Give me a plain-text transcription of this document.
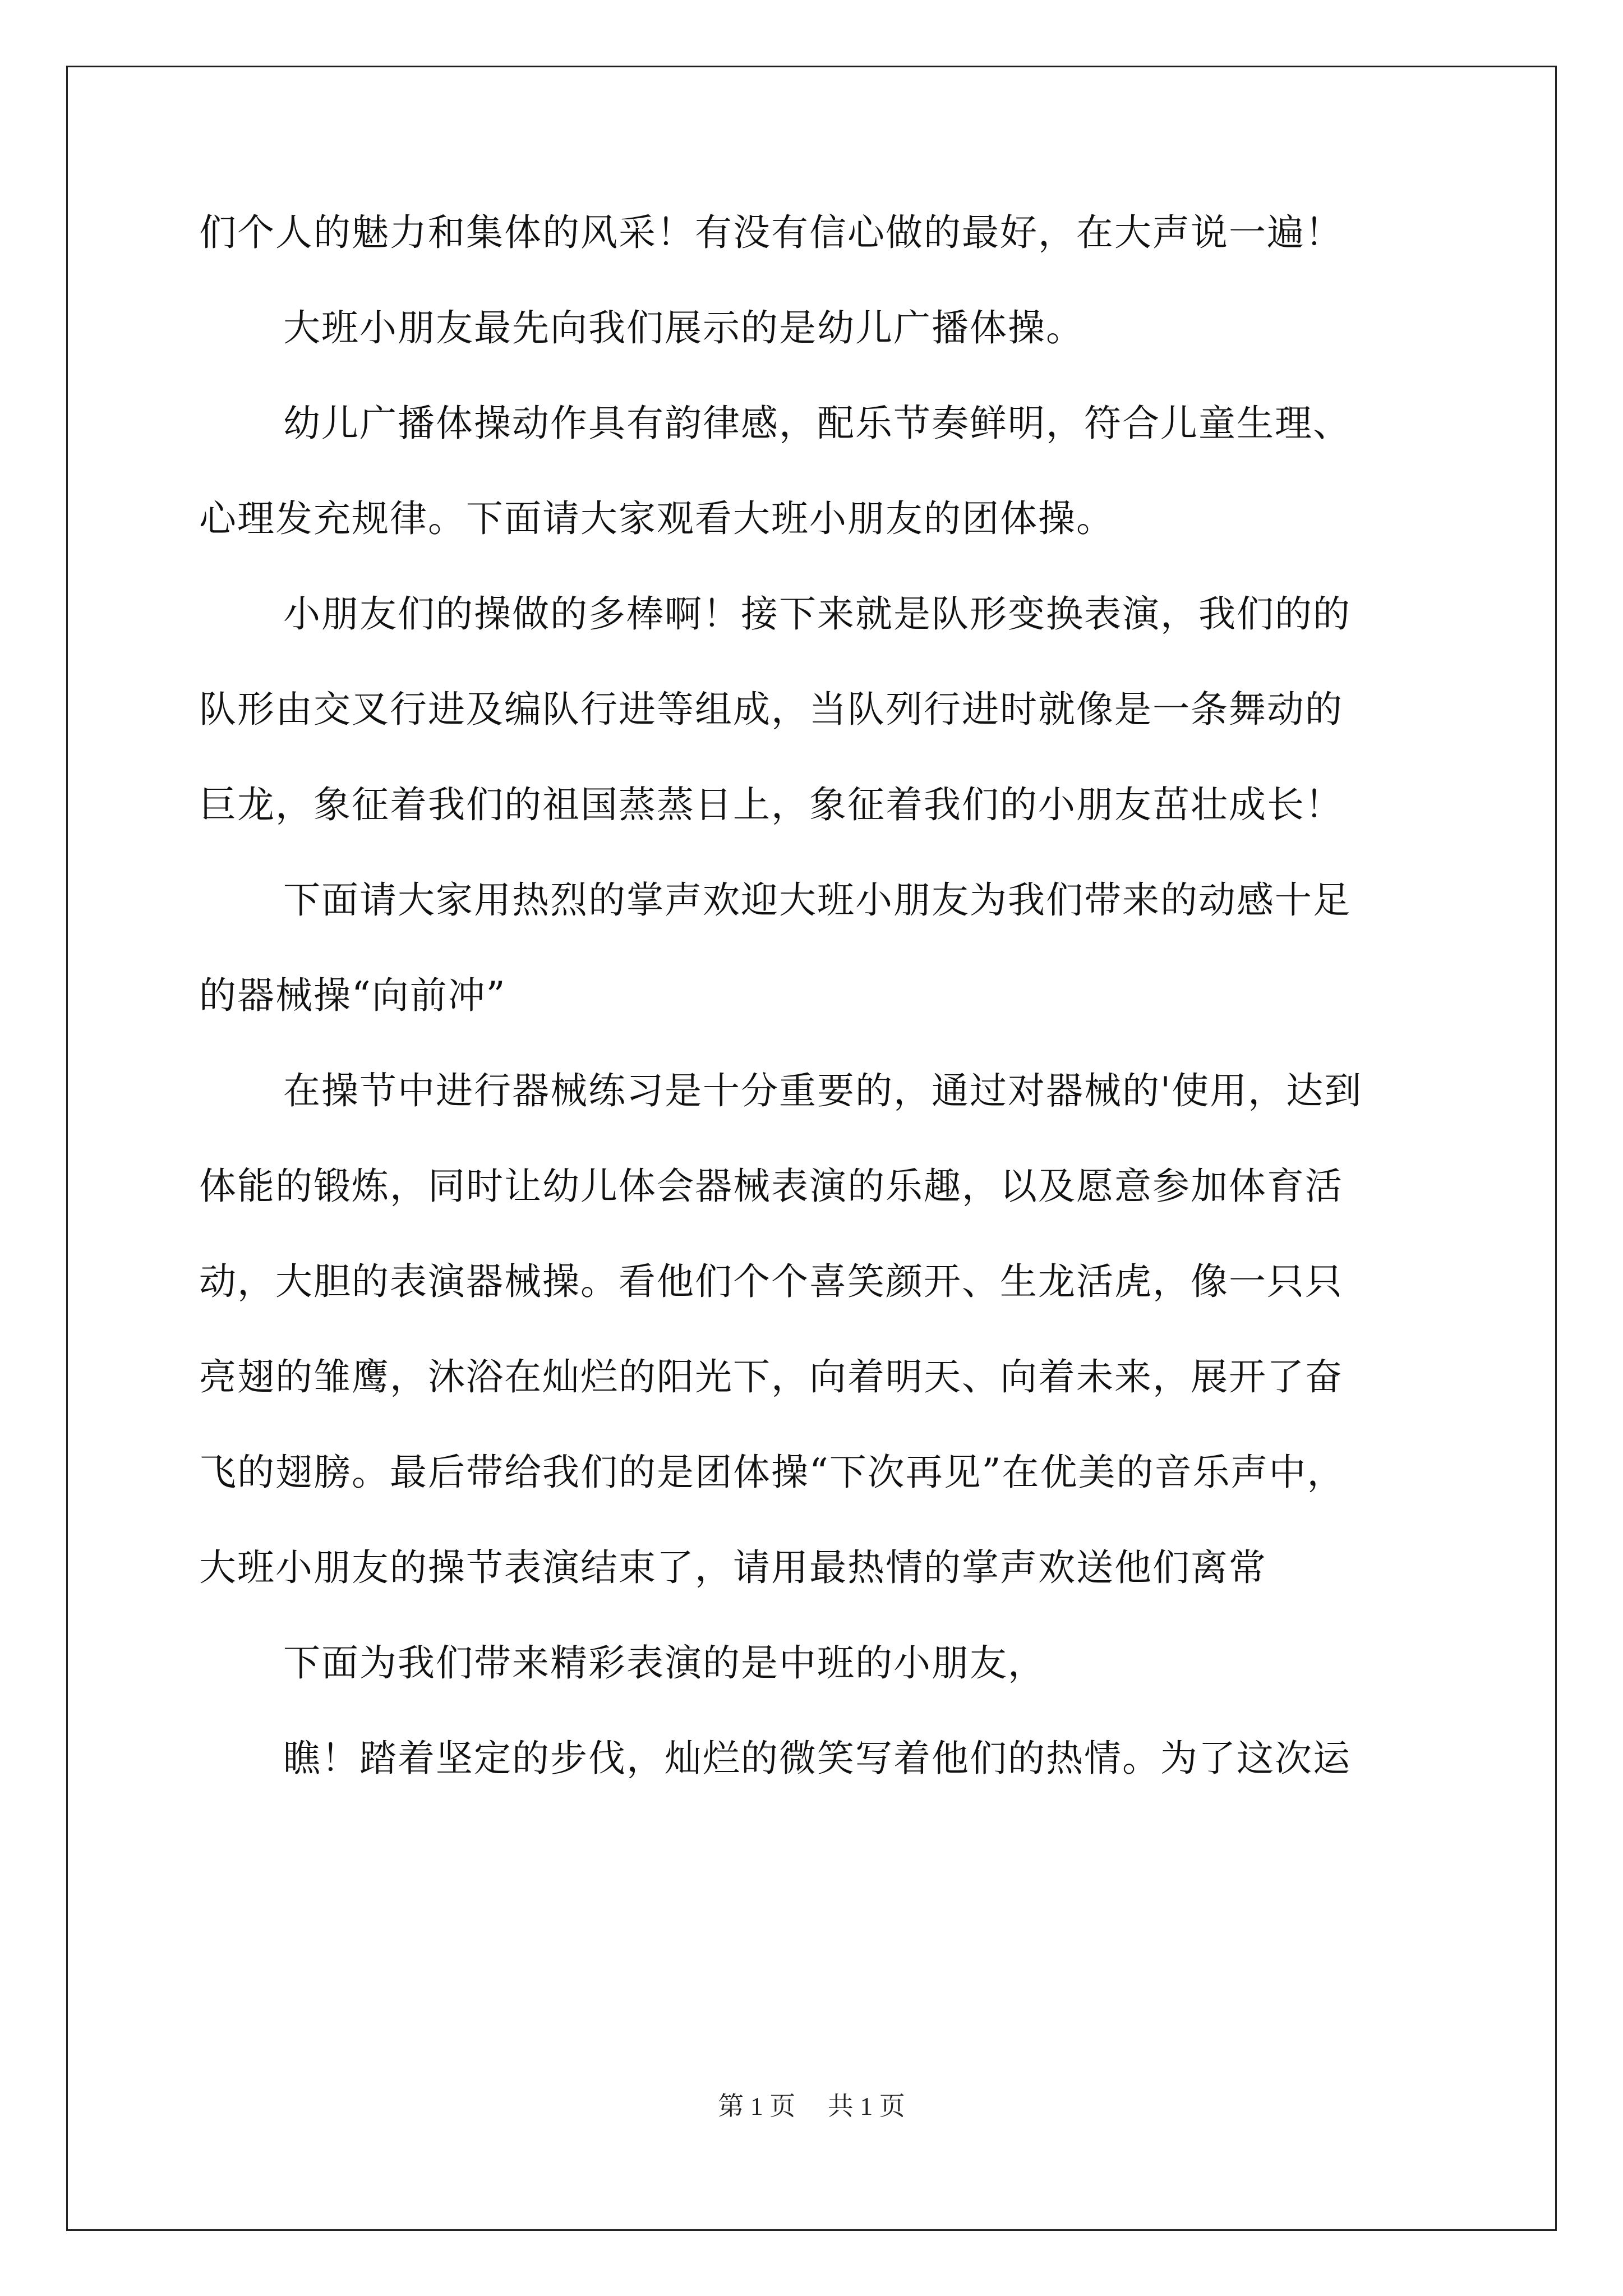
们个人的魅力和集体的风采！有没有信心做的最好，在大声说一遍！
大班小朋友最先向我们展示的是幼儿广播体操。
幼儿广播体操动作具有韵律感，配乐节奏鲜明，符合儿童生理、
心理发充规律。下面请大家观看大班小朋友的团体操。
小朋友们的操做的多棒啊！接下来就是队形变换表演，我们的的
队形由交叉行进及编队行进等组成，当队列行进时就像是一条舞动的
巨龙，象征着我们的祖国蒸蒸日上，象征着我们的小朋友茁壮成长！
下面请大家用热烈的掌声欢迎大班小朋友为我们带来的动感十足
的器械操“向前冲”
在操节中进行器械练习是十分重要的，通过对器械的'使用，达到
体能的锻炼，同时让幼儿体会器械表演的乐趣，以及愿意参加体育活
动，大胆的表演器械操。看他们个个喜笑颜开、生龙活虎，像一只只
亮翅的雏鹰，沐浴在灿烂的阳光下，向着明天、向着未来，展开了奋
飞的翅膀。最后带给我们的是团体操“下次再见”在优美的音乐声中，
大班小朋友的操节表演结束了，请用最热情的掌声欢送他们离常
下面为我们带来精彩表演的是中班的小朋友，
瞧！踏着坚定的步伐，灿烂的微笑写着他们的热情。为了这次运
第 1 页　 共 1 页
